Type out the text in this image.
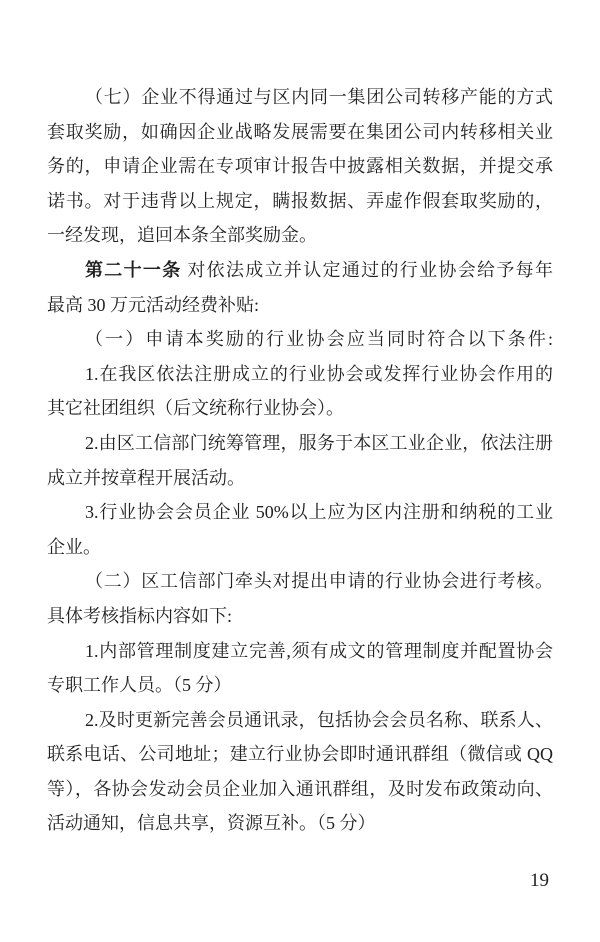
（七）企业不得通过与区内同一集团公司转移产能的方式
套取奖励，如确因企业战略发展需要在集团公司内转移相关业
务的，申请企业需在专项审计报告中披露相关数据，并提交承
诺书。对于违背以上规定，瞒报数据、弄虚作假套取奖励的，
一经发现，追回本条全部奖励金。
第二十一条 对依法成立并认定通过的行业协会给予每年
最高 30 万元活动经费补贴:
（一）申请本奖励的行业协会应当同时符合以下条件:
1.在我区依法注册成立的行业协会或发挥行业协会作用的
其它社团组织（后文统称行业协会）。
2.由区工信部门统筹管理，服务于本区工业企业，依法注册
成立并按章程开展活动。
3.行业协会会员企业 50%以上应为区内注册和纳税的工业
企业。
（二）区工信部门牵头对提出申请的行业协会进行考核。
具体考核指标内容如下:
1.内部管理制度建立完善,须有成文的管理制度并配置协会
专职工作人员。（5 分）
2.及时更新完善会员通讯录，包括协会会员名称、联系人、
联系电话、公司地址；建立行业协会即时通讯群组（微信或 QQ
等），各协会发动会员企业加入通讯群组，及时发布政策动向、
活动通知，信息共享，资源互补。（5 分）
19
